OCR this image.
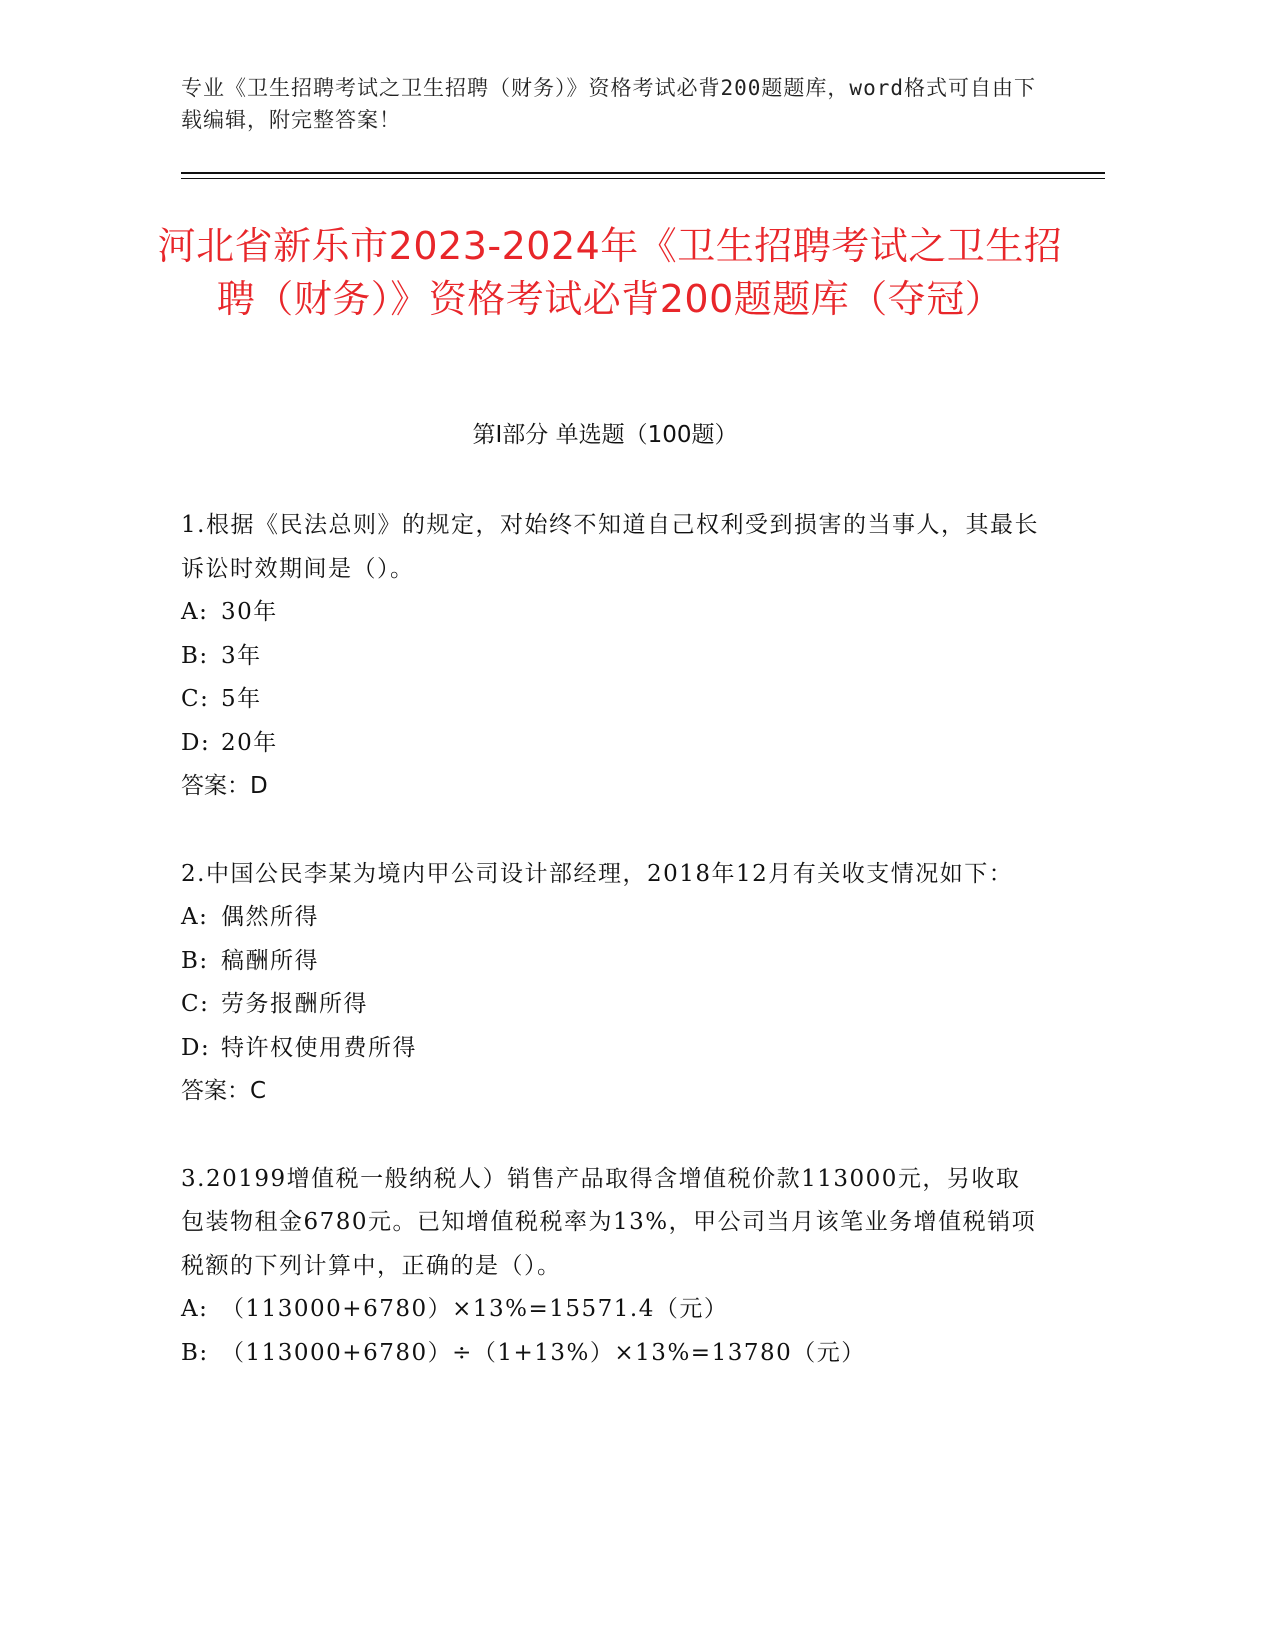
专业《卫生招聘考试之卫生招聘（财务）》资格考试必背200题题库，word格式可自由下载编辑，附完整答案！
河北省新乐市2023-2024年《卫生招聘考试之卫生招聘（财务）》资格考试必背200题题库（夺冠）
第Ⅰ部分 单选题（100题）

1.根据《民法总则》的规定，对始终不知道自己权利受到损害的当事人，其最长诉讼时效期间是（）。

A: 30年
B: 3年
C: 5年
D: 20年
答案：D

2.中国公民李某为境内甲公司设计部经理，2018年12月有关收支情况如下：

A: 偶然所得
B: 稿酬所得
C: 劳务报酬所得
D: 特许权使用费所得
答案：C

3.20199增值税一般纳税人）销售产品取得含增值税价款113000元，另收取包装物租金6780元。已知增值税税率为13%，甲公司当月该笔业务增值税销项税额的下列计算中，正确的是（）。

A: （113000+6780）×13%=15571.4（元）
B: （113000+6780）÷（1+13%）×13%=13780（元）
